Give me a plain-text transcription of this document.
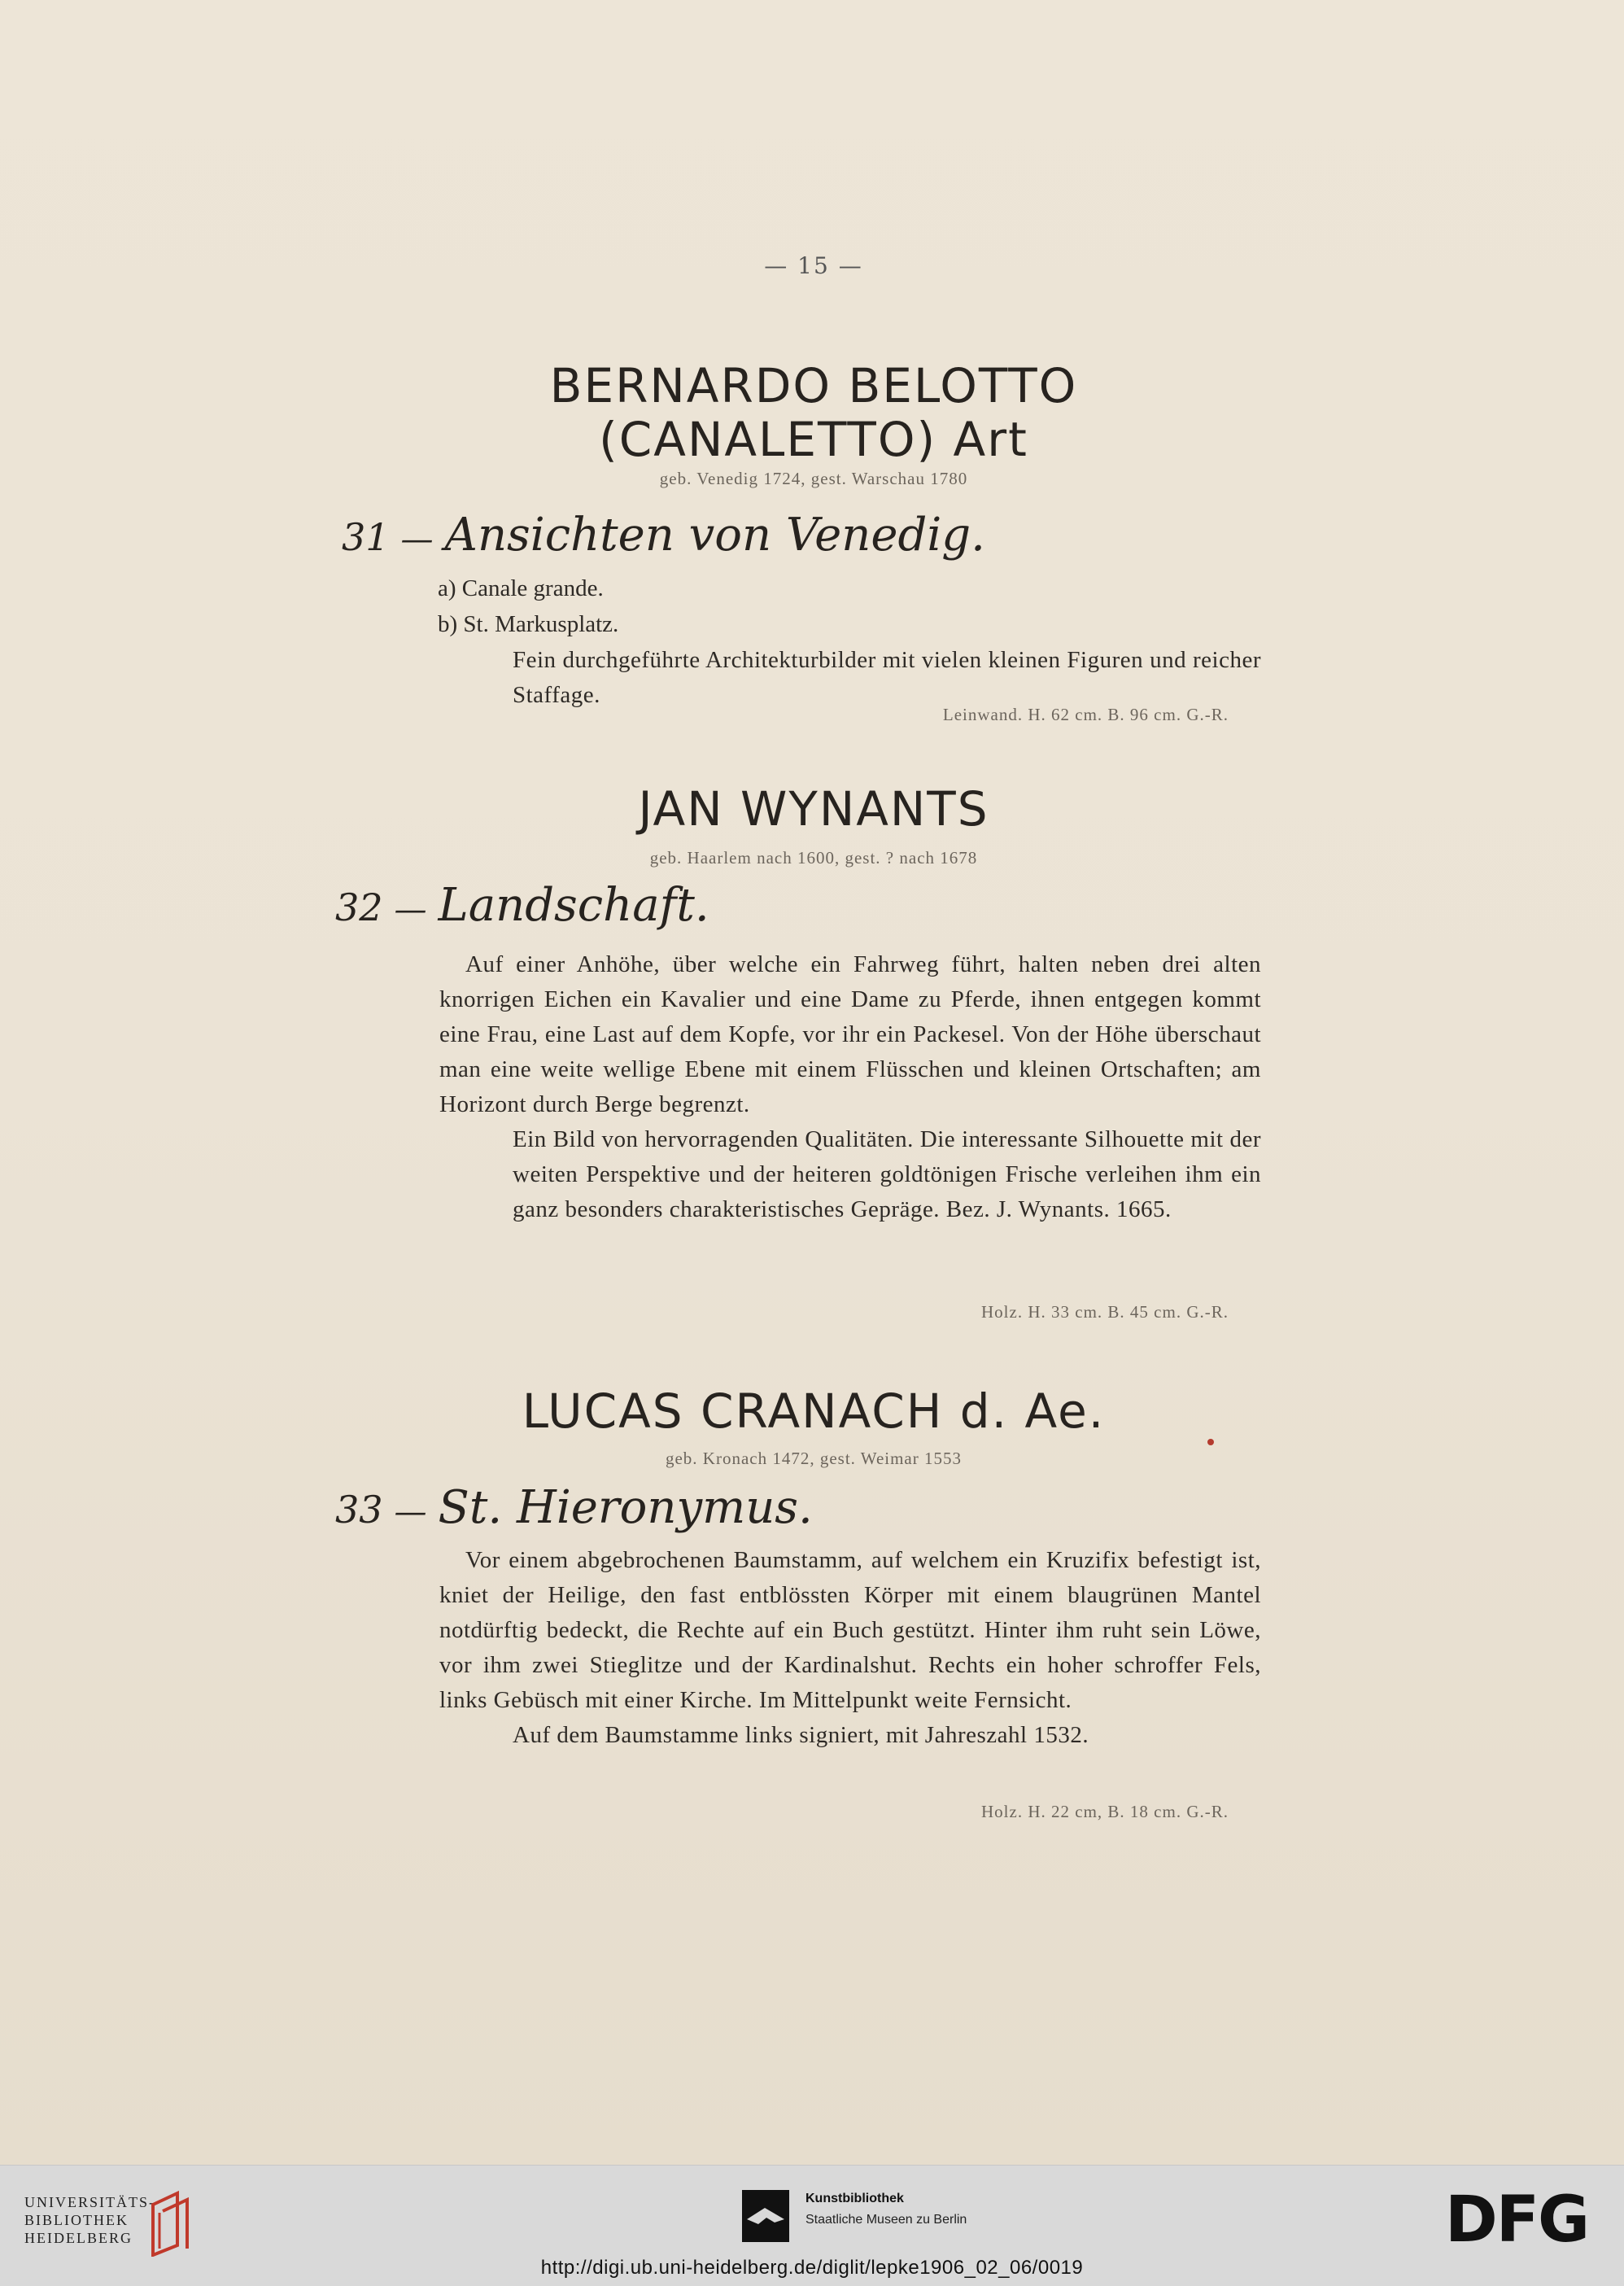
— 15 —
BERNARDO BELOTTO
(CANALETTO) Art
geb. Venedig 1724, gest. Warschau 1780
31 — Ansichten von Venedig.
a) Canale grande.
b) St. Markusplatz.

Fein durchgeführte Architekturbilder mit vielen kleinen Figuren und reicher Staffage.

Leinwand. H. 62 cm. B. 96 cm. G.-R.
JAN WYNANTS
geb. Haarlem nach 1600, gest. ? nach 1678
32 — Landschaft.

Auf einer Anhöhe, über welche ein Fahrweg führt, halten neben drei alten knorrigen Eichen ein Kavalier und eine Dame zu Pferde, ihnen entgegen kommt eine Frau, eine Last auf dem Kopfe, vor ihr ein Packesel. Von der Höhe überschaut man eine weite wellige Ebene mit einem Flüsschen und kleinen Ortschaften; am Horizont durch Berge begrenzt.

Ein Bild von hervorragenden Qualitäten. Die interessante Silhouette mit der weiten Perspektive und der heiteren goldtönigen Frische verleihen ihm ein ganz besonders charakteristisches Gepräge. Bez. J. Wynants. 1665.

Holz. H. 33 cm. B. 45 cm. G.-R.
LUCAS CRANACH d. Ae.
geb. Kronach 1472, gest. Weimar 1553
33 — St. Hieronymus.

Vor einem abgebrochenen Baumstamm, auf welchem ein Kruzifix befestigt ist, kniet der Heilige, den fast entblössten Körper mit einem blaugrünen Mantel notdürftig bedeckt, die Rechte auf ein Buch gestützt. Hinter ihm ruht sein Löwe, vor ihm zwei Stieglitze und der Kardinalshut. Rechts ein hoher schroffer Fels, links Gebüsch mit einer Kirche. Im Mittelpunkt weite Fernsicht.

Auf dem Baumstamme links signiert, mit Jahreszahl 1532.

Holz. H. 22 cm, B. 18 cm. G.-R.
UNIVERSITÄTS-
BIBLIOTHEK
HEIDELBERG
Kunstbibliothek
Staatliche Museen zu Berlin	DFG
http://digi.ub.uni-heidelberg.de/diglit/lepke1906_02_06/0019
